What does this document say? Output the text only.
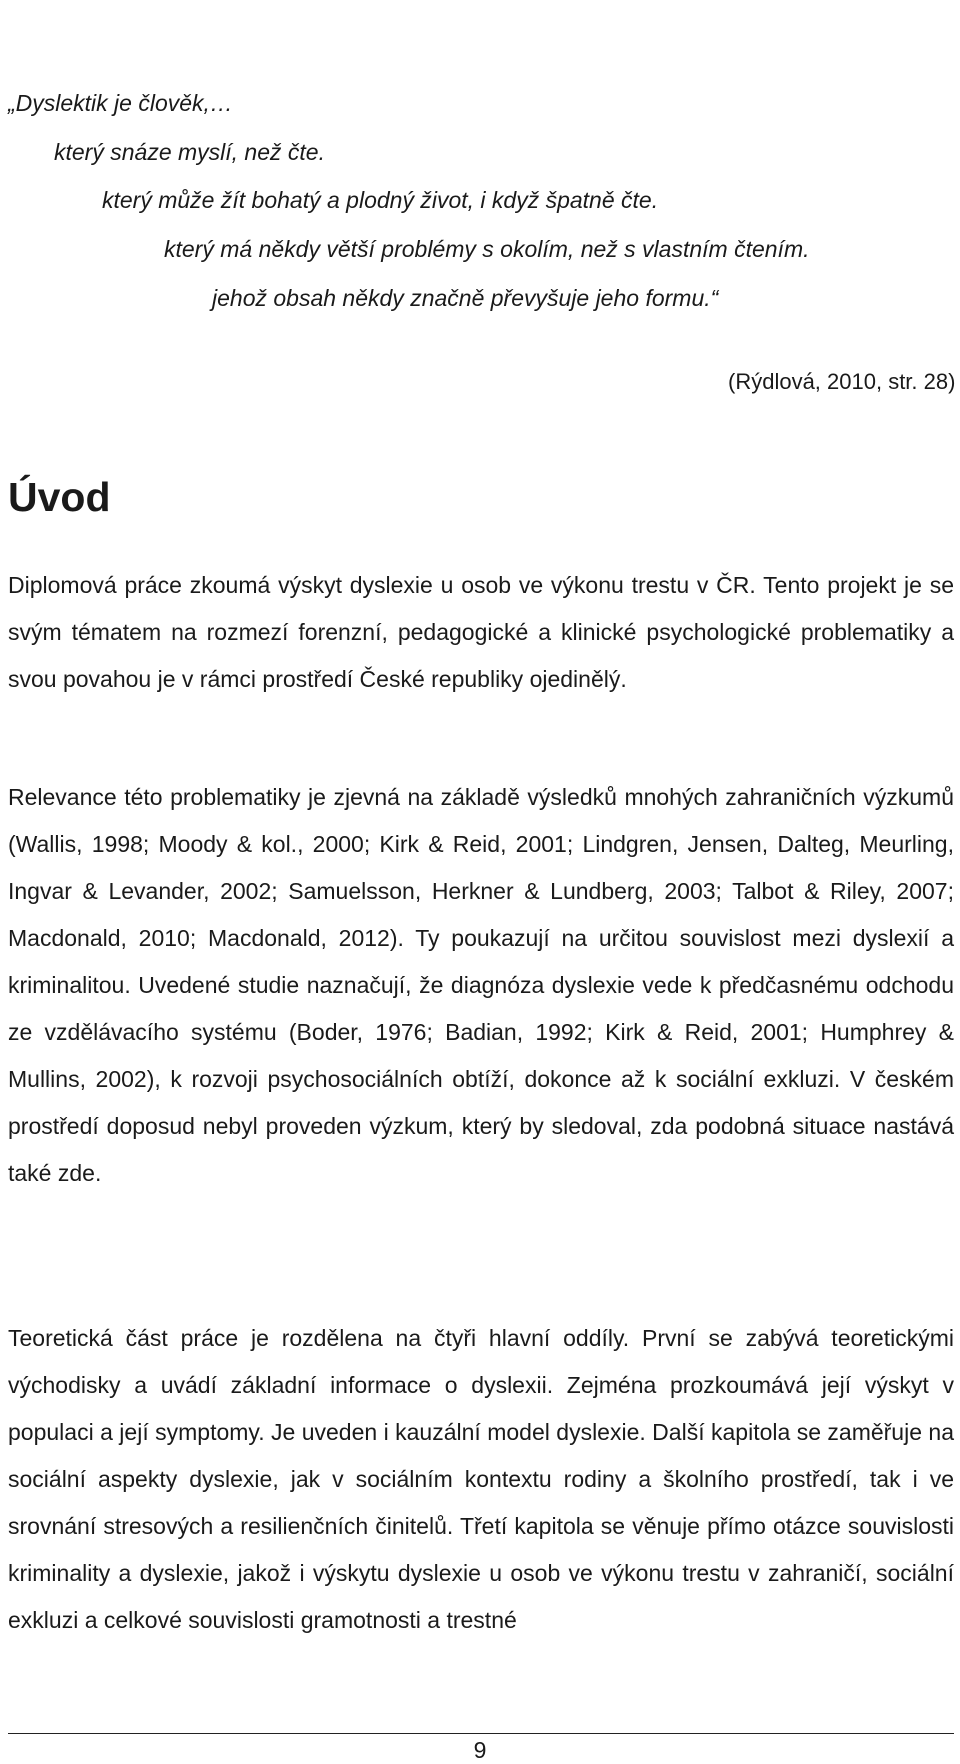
„Dyslektik je člověk,…

který snáze myslí, než čte.

který může žít bohatý a plodný život, i když špatně čte.

který má někdy větší problémy s okolím, než s vlastním čtením.

jehož obsah někdy značně převyšuje jeho formu.“

(Rýdlová, 2010, str. 28)

Úvod

Diplomová práce zkoumá výskyt dyslexie u osob ve výkonu trestu v ČR. Tento projekt je se svým tématem na rozmezí forenzní, pedagogické a klinické psychologické problematiky a svou povahou je v rámci prostředí České republiky ojedinělý.

Relevance této problematiky je zjevná na základě výsledků mnohých zahraničních výzkumů (Wallis, 1998; Moody & kol., 2000; Kirk & Reid, 2001; Lindgren, Jensen, Dalteg, Meurling, Ingvar & Levander, 2002; Samuelsson, Herkner & Lundberg, 2003; Talbot & Riley, 2007; Macdonald, 2010; Macdonald, 2012). Ty poukazují na určitou souvislost mezi dyslexií a kriminalitou. Uvedené studie naznačují, že diagnóza dyslexie vede k předčasnému odchodu ze vzdělávacího systému (Boder, 1976; Badian, 1992; Kirk & Reid, 2001; Humphrey & Mullins, 2002), k rozvoji psychosociálních obtíží, dokonce až k sociální exkluzi. V českém prostředí doposud nebyl proveden výzkum, který by sledoval, zda podobná situace nastává také zde.

Teoretická část práce je rozdělena na čtyři hlavní oddíly. První se zabývá teoretickými východisky a uvádí základní informace o dyslexii. Zejména prozkoumává její výskyt v populaci a její symptomy. Je uveden i kauzální model dyslexie. Další kapitola se zaměřuje na sociální aspekty dyslexie, jak v sociálním kontextu rodiny a školního prostředí, tak i ve srovnání stresových a resilienčních činitelů. Třetí kapitola se věnuje přímo otázce souvislosti kriminality a dyslexie, jakož i výskytu dyslexie u osob ve výkonu trestu v zahraničí, sociální exkluzi a celkové souvislosti gramotnosti a trestné

9
